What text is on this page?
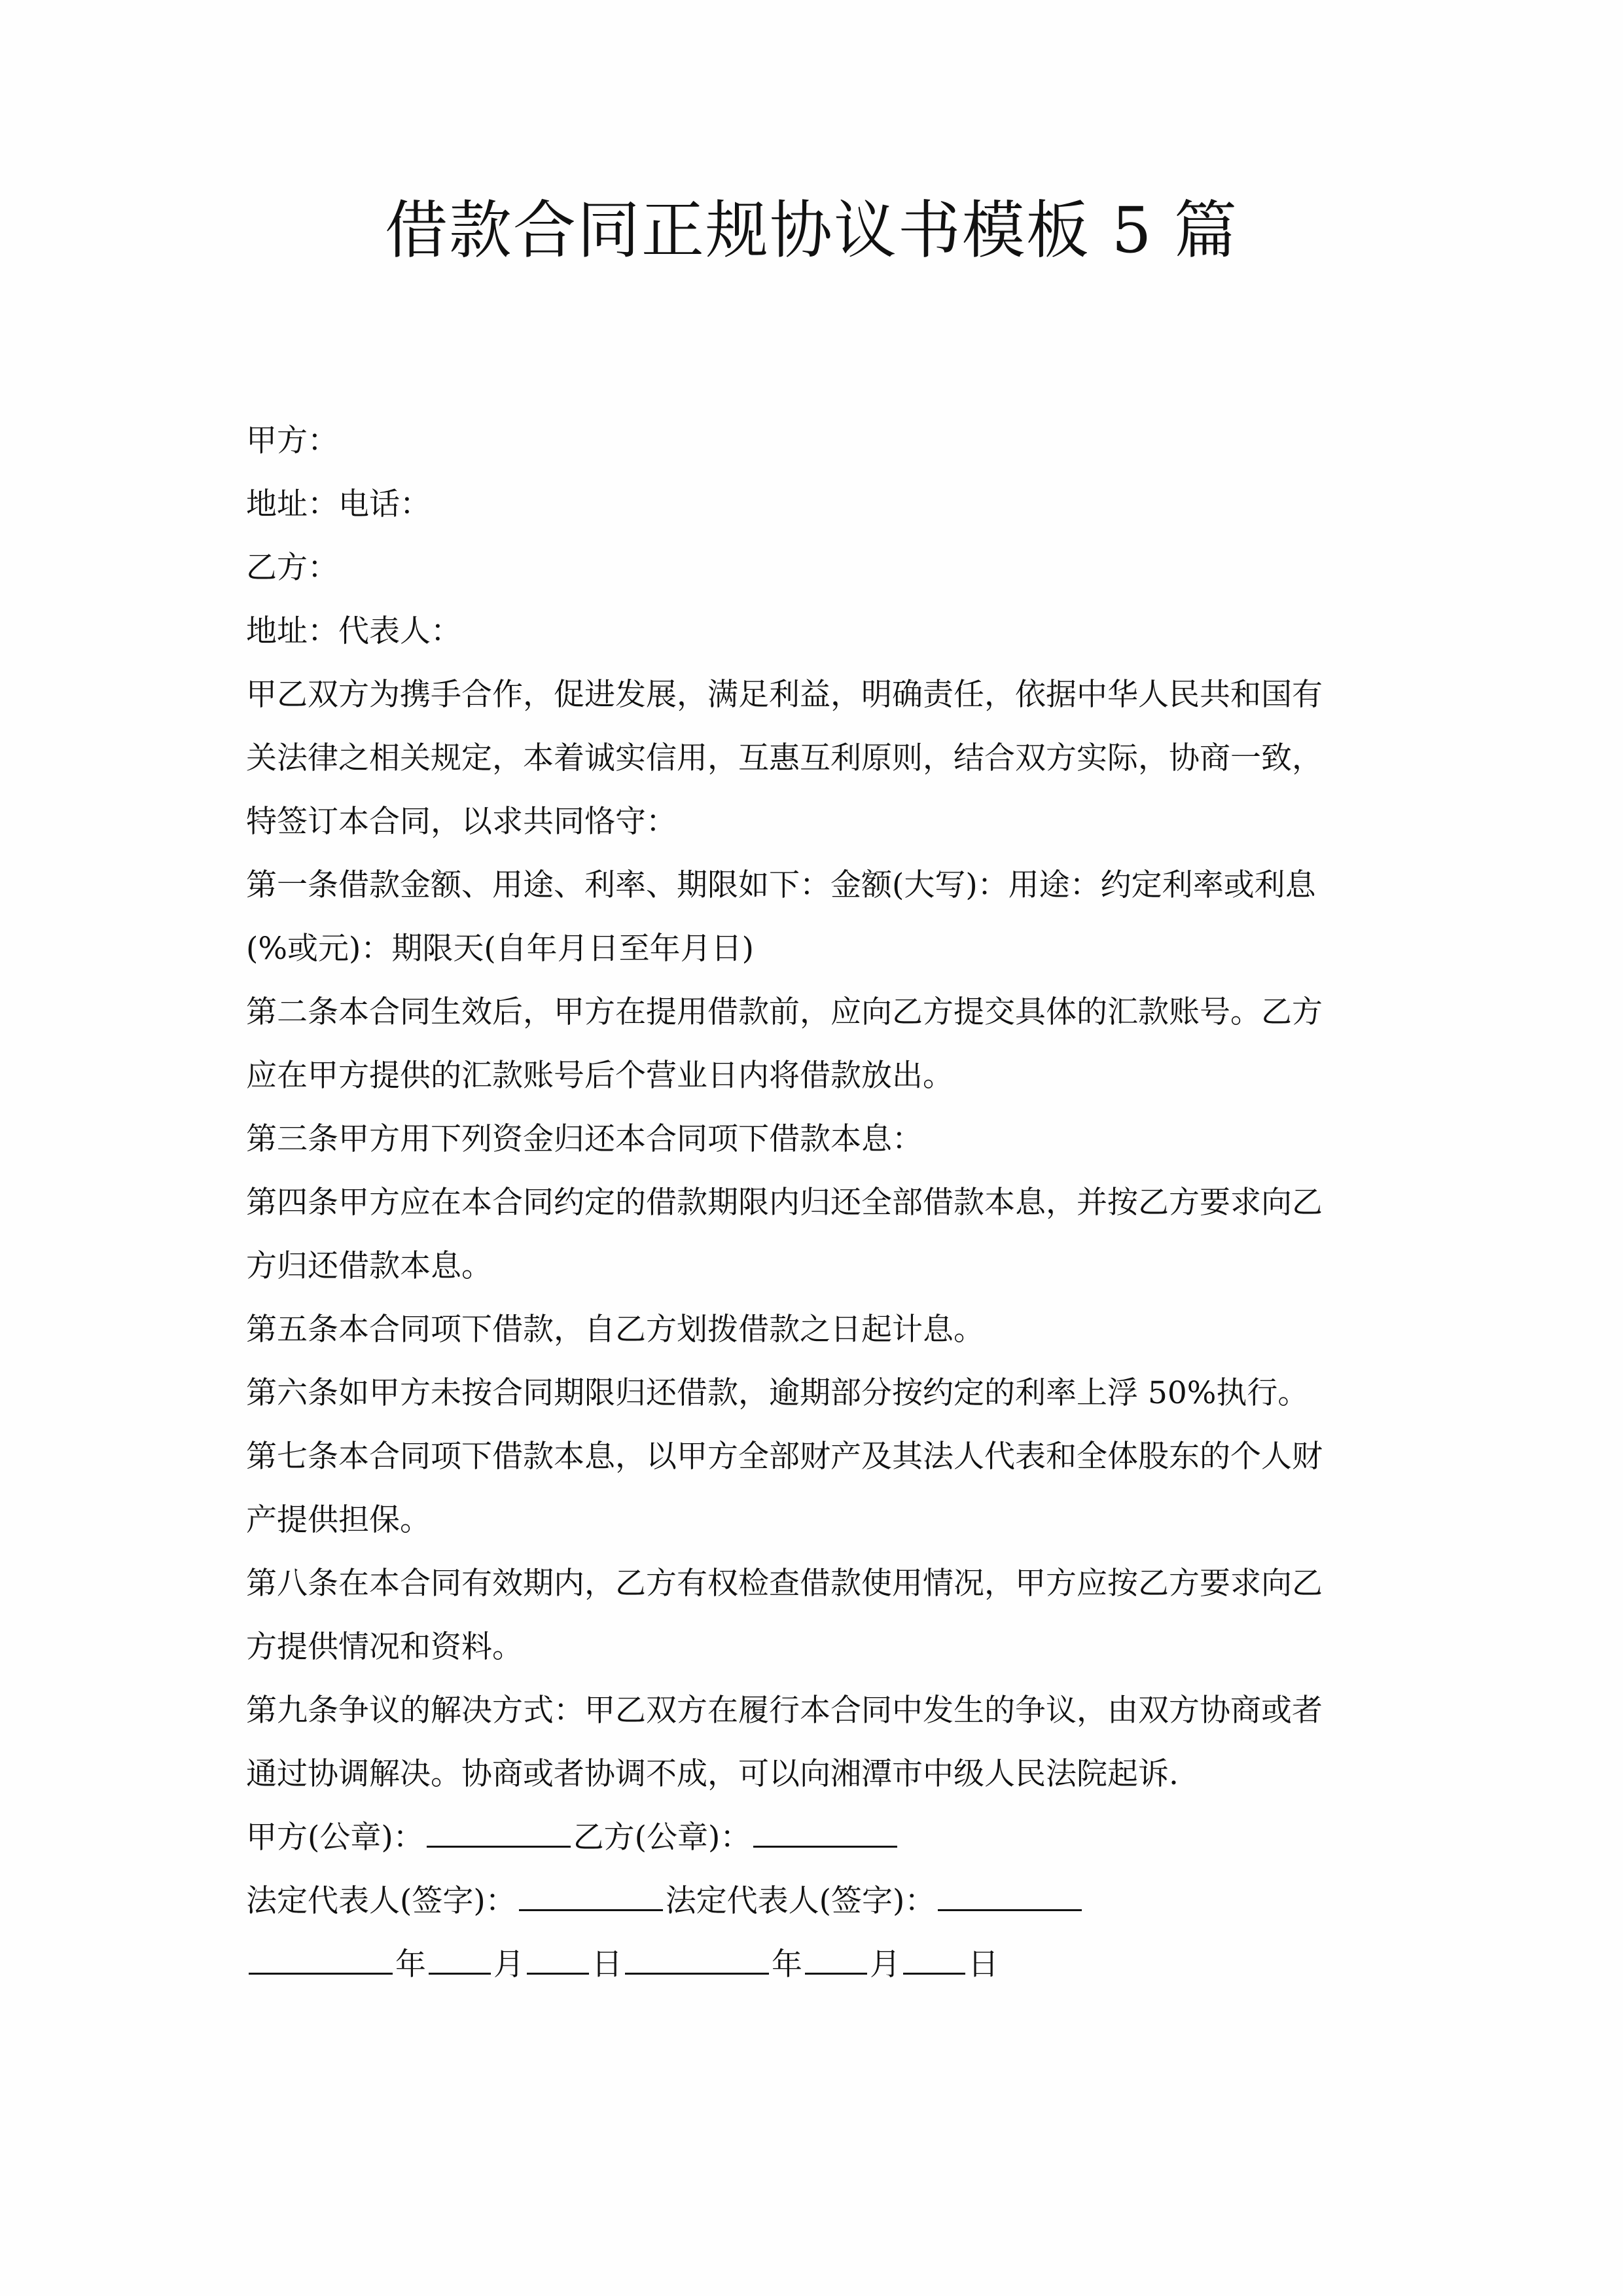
借款合同正规协议书模板 5 篇
甲方：
地址：电话：
乙方：
地址：代表人：
甲乙双方为携手合作，促进发展，满足利益，明确责任，依据中华人民共和国有
关法律之相关规定，本着诚实信用，互惠互利原则，结合双方实际，协商一致，
特签订本合同，以求共同恪守：
第一条借款金额、用途、利率、期限如下：金额(大写)：用途：约定利率或利息
(%或元)：期限天(自年月日至年月日)
第二条本合同生效后，甲方在提用借款前，应向乙方提交具体的汇款账号。乙方
应在甲方提供的汇款账号后个营业日内将借款放出。
第三条甲方用下列资金归还本合同项下借款本息：
第四条甲方应在本合同约定的借款期限内归还全部借款本息，并按乙方要求向乙
方归还借款本息。
第五条本合同项下借款，自乙方划拨借款之日起计息。
第六条如甲方未按合同期限归还借款，逾期部分按约定的利率上浮 50%执行。
第七条本合同项下借款本息，以甲方全部财产及其法人代表和全体股东的个人财
产提供担保。
第八条在本合同有效期内，乙方有权检查借款使用情况，甲方应按乙方要求向乙
方提供情况和资料。
第九条争议的解决方式：甲乙双方在履行本合同中发生的争议，由双方协商或者
通过协调解决。协商或者协调不成，可以向湘潭市中级人民法院起诉.
甲方(公章)：	乙方(公章)：
法定代表人(签字)：	法定代表人(签字)：
年 月 日	年 月 日
